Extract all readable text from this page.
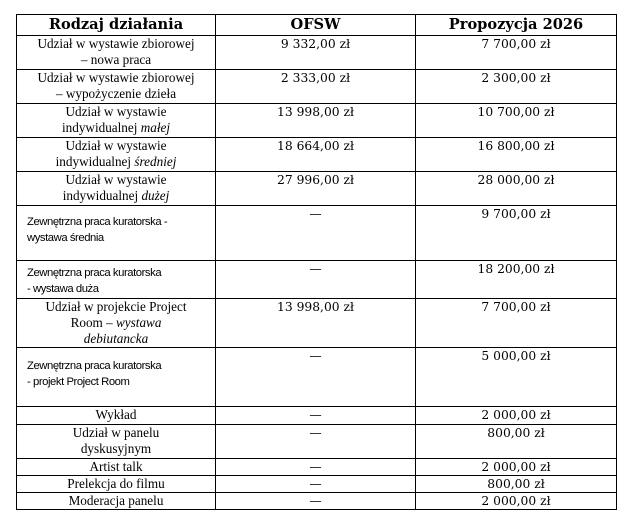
Rodzaj działania	OFSW	Propozycja 2026
Udział w wystawie zbiorowej
– nowa praca	9 332,00 zł	7 700,00 zł
Udział w wystawie zbiorowej
– wypożyczenie dzieła	2 333,00 zł	2 300,00 zł
Udział w wystawie
indywidualnej małej	13 998,00 zł	10 700,00 zł
Udział w wystawie
indywidualnej średniej	18 664,00 zł	16 800,00 zł
Udział w wystawie
indywidualnej dużej	27 996,00 zł	28 000,00 zł

Zewnętrzna praca kuratorska -
wystawa średnia	—	9 700,00 zł

Zewnętrzna praca kuratorska
- wystawa duża	—	18 200,00 zł
Udział w projekcie Project
Room – wystawa
debiutancka	13 998,00 zł	7 700,00 zł

Zewnętrzna praca kuratorska
- projekt Project Room	—	5 000,00 zł
Wykład	—	2 000,00 zł
Udział w panelu
dyskusyjnym	—	800,00 zł
Artist talk	—	2 000,00 zł
Prelekcja do filmu	—	800,00 zł
Moderacja panelu	—	2 000,00 zł
